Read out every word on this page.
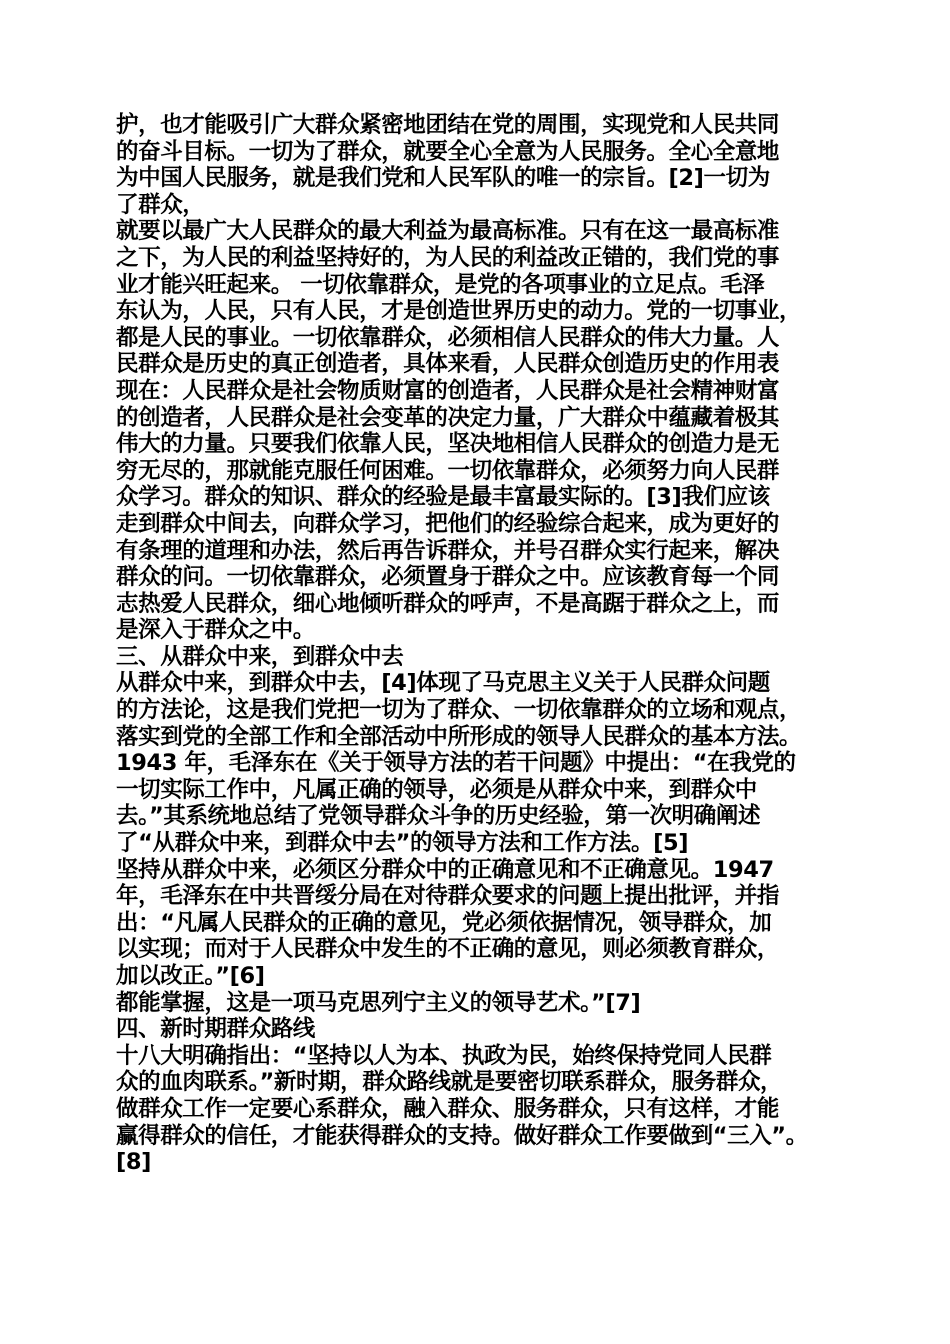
护，也才能吸引广大群众紧密地团结在党的周围，实现党和人民共同
的奋斗目标。一切为了群众，就要全心全意为人民服务。全心全意地
为中国人民服务，就是我们党和人民军队的唯一的宗旨。[2]一切为
了群众，
就要以最广大人民群众的最大利益为最高标准。只有在这一最高标准
之下，为人民的利益坚持好的，为人民的利益改正错的，我们党的事
业才能兴旺起来。 一切依靠群众，是党的各项事业的立足点。毛泽
东认为，人民，只有人民，才是创造世界历史的动力。党的一切事业，
都是人民的事业。一切依靠群众，必须相信人民群众的伟大力量。人
民群众是历史的真正创造者，具体来看，人民群众创造历史的作用表
现在：人民群众是社会物质财富的创造者，人民群众是社会精神财富
的创造者，人民群众是社会变革的决定力量，广大群众中蕴藏着极其
伟大的力量。只要我们依靠人民，坚决地相信人民群众的创造力是无
穷无尽的，那就能克服任何困难。一切依靠群众，必须努力向人民群
众学习。群众的知识、群众的经验是最丰富最实际的。[3]我们应该
走到群众中间去，向群众学习，把他们的经验综合起来，成为更好的
有条理的道理和办法，然后再告诉群众，并号召群众实行起来，解决
群众的问。一切依靠群众，必须置身于群众之中。应该教育每一个同
志热爱人民群众，细心地倾听群众的呼声，不是高踞于群众之上，而
是深入于群众之中。
三、从群众中来，到群众中去
从群众中来，到群众中去，[4]体现了马克思主义关于人民群众问题
的方法论，这是我们党把一切为了群众、一切依靠群众的立场和观点，
落实到党的全部工作和全部活动中所形成的领导人民群众的基本方法。
1943 年，毛泽东在《关于领导方法的若干问题》中提出：“在我党的
一切实际工作中，凡属正确的领导，必须是从群众中来，到群众中
去。”其系统地总结了党领导群众斗争的历史经验，第一次明确阐述
了“从群众中来，到群众中去”的领导方法和工作方法。[5]
坚持从群众中来，必须区分群众中的正确意见和不正确意见。1947
年，毛泽东在中共晋绥分局在对待群众要求的问题上提出批评，并指
出：“凡属人民群众的正确的意见，党必须依据情况，领导群众，加
以实现；而对于人民群众中发生的不正确的意见，则必须教育群众，
加以改正。”[6]
都能掌握，这是一项马克思列宁主义的领导艺术。”[7]
四、新时期群众路线
十八大明确指出：“坚持以人为本、执政为民，始终保持党同人民群
众的血肉联系。”新时期，群众路线就是要密切联系群众，服务群众，
做群众工作一定要心系群众，融入群众、服务群众，只有这样，才能
赢得群众的信任，才能获得群众的支持。做好群众工作要做到“三入”。
[8]
